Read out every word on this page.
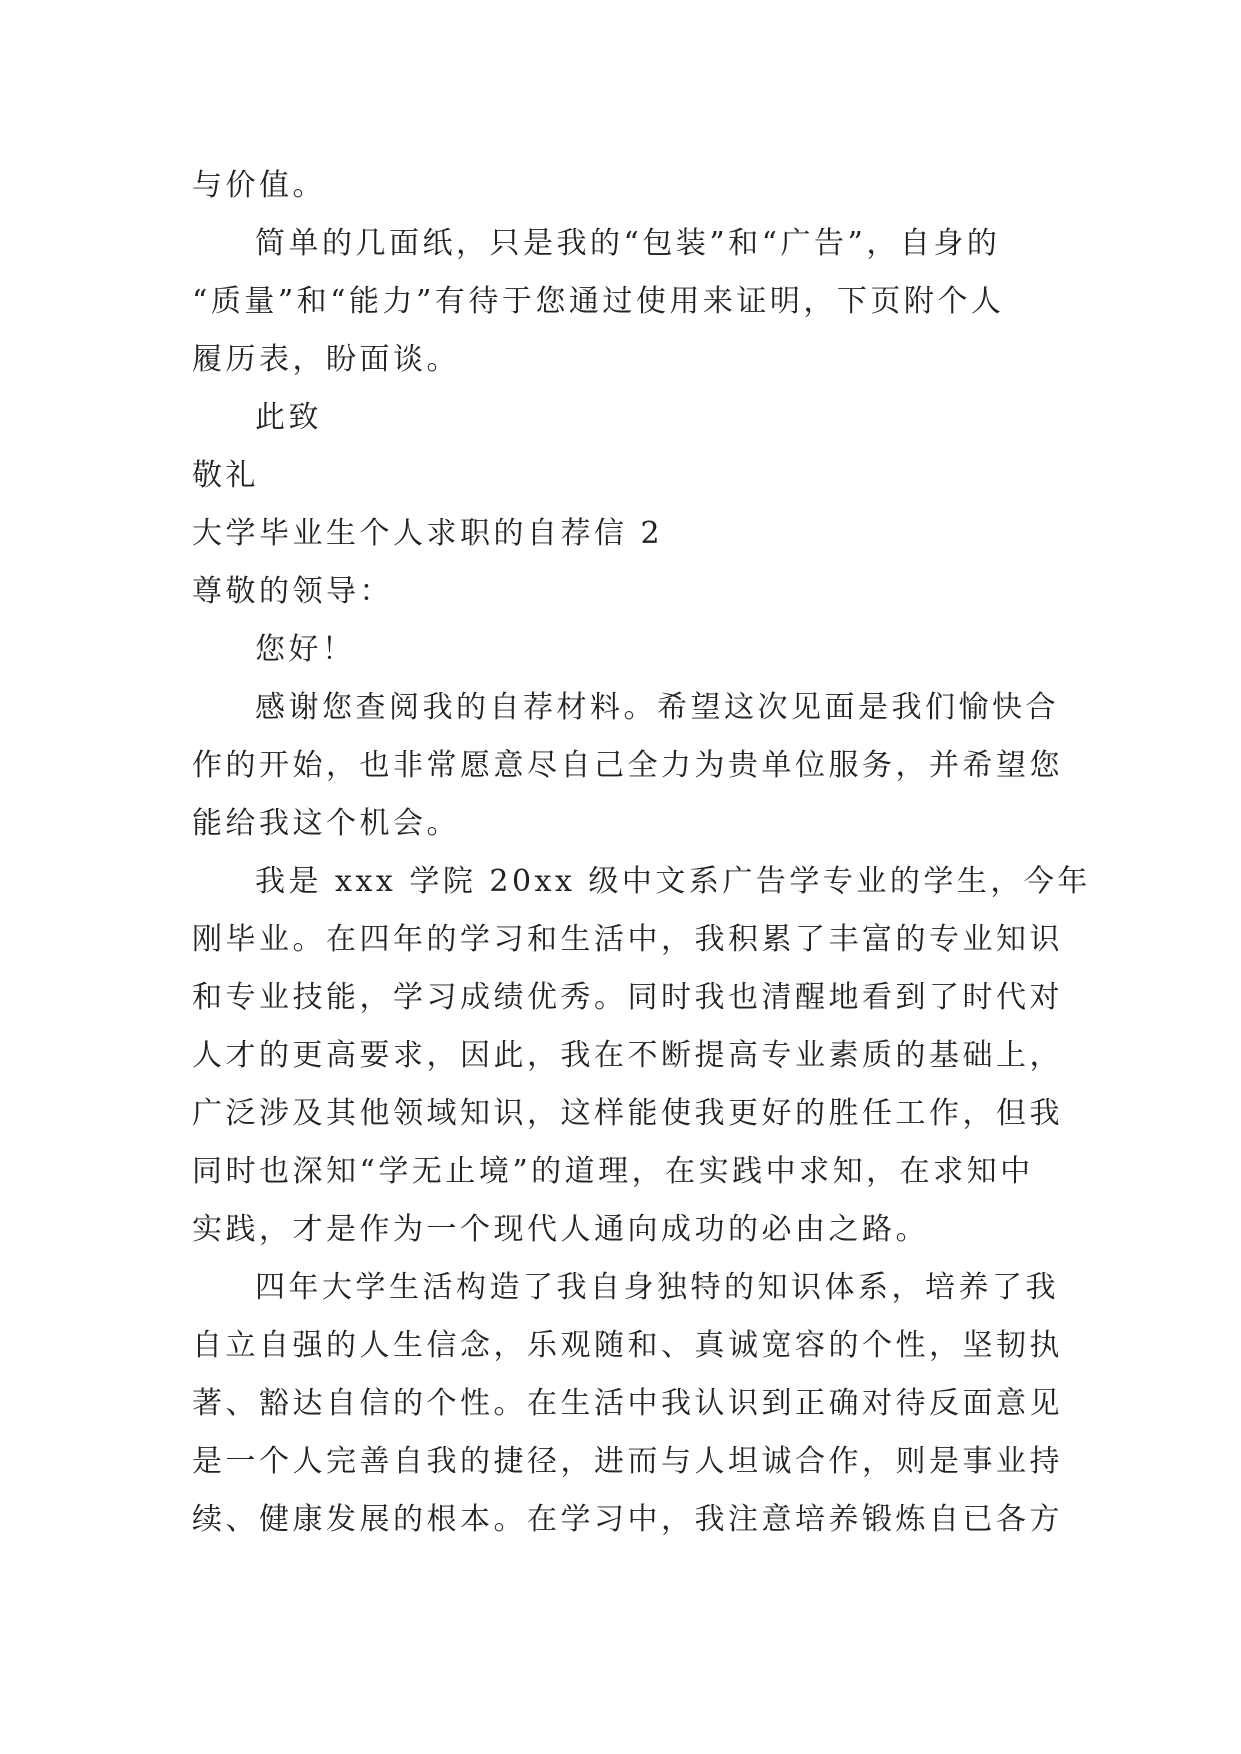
与价值。
简单的几面纸，只是我的“包装”和“广告”，自身的
“质量”和“能力”有待于您通过使用来证明，下页附个人
履历表，盼面谈。
此致
敬礼
大学毕业生个人求职的自荐信 2
尊敬的领导：
您好！
感谢您查阅我的自荐材料。希望这次见面是我们愉快合
作的开始，也非常愿意尽自己全力为贵单位服务，并希望您
能给我这个机会。
我是 xxx 学院 20xx 级中文系广告学专业的学生，今年
刚毕业。在四年的学习和生活中，我积累了丰富的专业知识
和专业技能，学习成绩优秀。同时我也清醒地看到了时代对
人才的更高要求，因此，我在不断提高专业素质的基础上，
广泛涉及其他领域知识，这样能使我更好的胜任工作，但我
同时也深知“学无止境”的道理，在实践中求知，在求知中
实践，才是作为一个现代人通向成功的必由之路。
四年大学生活构造了我自身独特的知识体系，培养了我
自立自强的人生信念，乐观随和、真诚宽容的个性，坚韧执
著、豁达自信的个性。在生活中我认识到正确对待反面意见
是一个人完善自我的捷径，进而与人坦诚合作，则是事业持
续、健康发展的根本。在学习中，我注意培养锻炼自已各方
